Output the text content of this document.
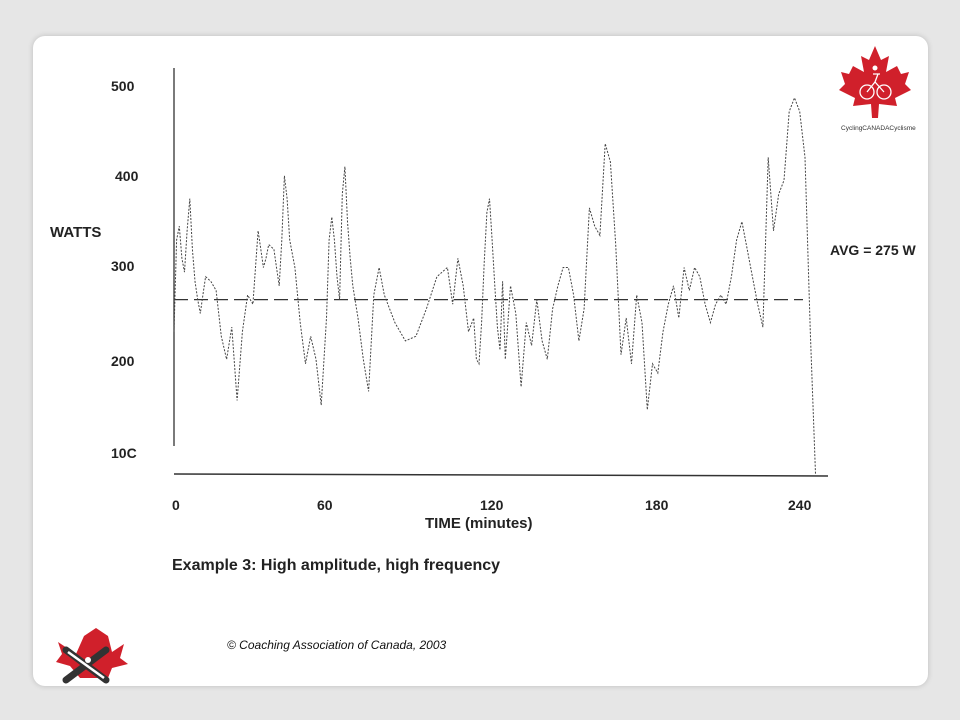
500
400
300
200
10C
WATTS
0	60	120	180	240
TIME (minutes)
Example 3: High amplitude, high frequency
AVG = 275 W
CyclingCANADACyclisme
© Coaching Association of Canada, 2003
